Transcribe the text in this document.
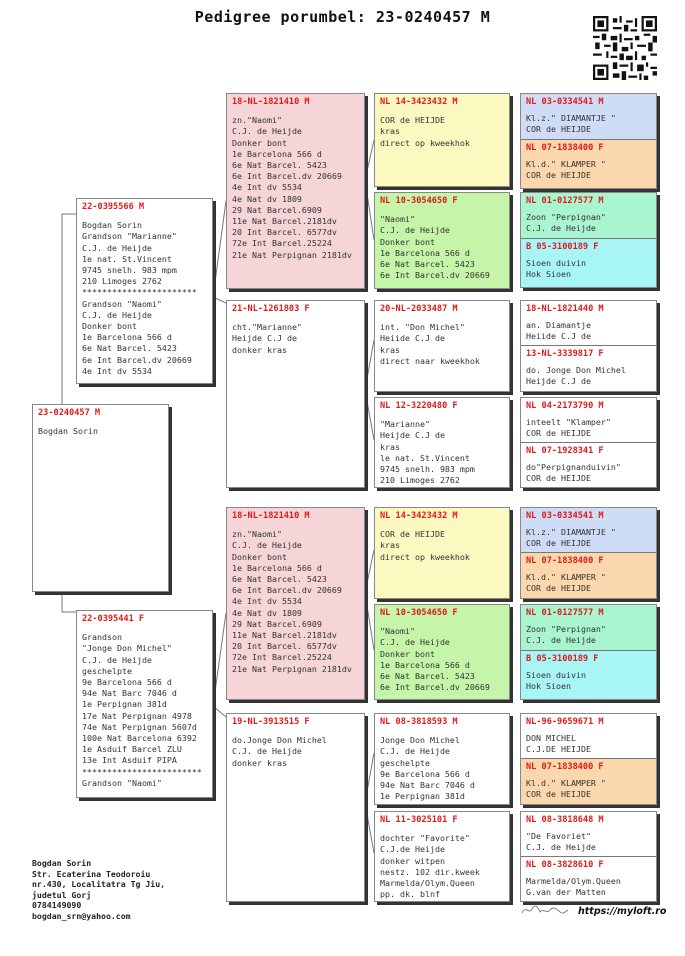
Pedigree porumbel: 23-0240457 M
23-0240457 M
Bogdan Sorin
22-0395566 M
Bogdan Sorin
Grandson "Marianne"
C.J. de Heijde
1e nat. St.Vincent
9745 snelh. 983 mpm
210 Limoges 2762
***********************
Grandson "Naomi"
C.J. de Heijde
Donker bont
1e Barcelona 566 d
6e Nat Barcel. 5423
6e Int Barcel.dv 20669
4e Int dv 5534
22-0395441 F
Grandson
"Jonge Don Michel"
C.J. de Heijde
geschelpte
9e Barcelona 566 d
94e Nat Barc 7046 d
1e Perpignan 381d
17e Nat Perpignan 4978
74e Nat Perpignan 5607d
100e Nat Barcelona 6392
1e Asduif Barcel ZLU
13e Int Asduif PIPA
************************
Grandson "Naomi"
18-NL-1821410 M
zn."Naomi"
C.J. de Heijde
Donker bont
1e Barcelona 566 d
6e Nat Barcel. 5423
6e Int Barcel.dv 20669
4e Int dv 5534
4e Nat dv 1809
29 Nat Barcel.6909
11e Nat Barcel.2181dv
20 Int Barcel. 6577dv
72e Int Barcel.25224
21e Nat Perpignan 2181dv
21-NL-1261803 F
cht."Marianne"
Heijde C.J de
donker kras
18-NL-1821410 M
zn."Naomi"
C.J. de Heijde
Donker bont
1e Barcelona 566 d
6e Nat Barcel. 5423
6e Int Barcel.dv 20669
4e Int dv 5534
4e Nat dv 1809
29 Nat Barcel.6909
11e Nat Barcel.2181dv
20 Int Barcel. 6577dv
72e Int Barcel.25224
21e Nat Perpignan 2181dv
19-NL-3913515 F
do.Jonge Don Michel
C.J. de Heijde
donker kras
NL 14-3423432 M
COR de HEIJDE
kras
direct op kweekhok
NL 10-3054650 F
"Naomi"
C.J. de Heijde
Donker bont
1e Barcelona 566 d
6e Nat Barcel. 5423
6e Int Barcel.dv 20669
20-NL-2033487 M
int. "Don Michel"
Heiide C.J de
kras
direct naar kweekhok
NL 12-3220480 F
"Marianne"
Heijde C.J de
kras
le nat. St.Vincent
9745 snelh. 983 mpm
210 Limoges 2762
NL 14-3423432 M
COR de HEIJDE
kras
direct op kweekhok
NL 10-3054650 F
"Naomi"
C.J. de Heijde
Donker bont
1e Barcelona 566 d
6e Nat Barcel. 5423
6e Int Barcel.dv 20669
NL 08-3818593 M
Jonge Don Michel
C.J. de Heijde
geschelpte
9e Barcelona 566 d
94e Nat Barc 7046 d
1e Perpignan 381d
NL 11-3025101 F
dochter "Favorite"
C.J.de Heijde
donker witpen
nestz. 102 dir.kweek
Marmelda/Olym.Queen
pp. dk. blnf
NL 03-0334541 M
Kl.z." DIAMANTJE "
COR de HEIJDE
NL 07-1838400 F
Kl.d." KLAMPER "
COR de HEIJDE
NL 01-0127577 M
Zoon "Perpignan"
C.J. de Heijde
B 05-3100189 F
Sioen duivin
Hok Sioen
18-NL-1821440 M
an. Diamantje
Heiide C.J de
13-NL-3339817 F
do. Jonge Don Michel
Heijde C.J de
NL 04-2173790 M
inteelt "Klamper"
COR de HEIJDE
NL 07-1928341 F
do"Perpignanduivin"
COR de HEIJDE
NL 03-0334541 M
Kl.z." DIAMANTJE "
COR de HEIJDE
NL 07-1838400 F
Kl.d." KLAMPER "
COR de HEIJDE
NL 01-0127577 M
Zoon "Perpignan"
C.J. de Heijde
B 05-3100189 F
Sioen duivin
Hok Sioen
NL-96-9659671 M
DON MICHEL
C.J.DE HEIJDE
NL 07-1838400 F
Kl.d." KLAMPER "
COR de HEIJDE
NL 08-3818648 M
"De Favoriet"
C.J. de Heijde
NL 08-3828610 F
Marmelda/Olym.Queen
G.van der Matten
Bogdan Sorin
Str. Ecaterina Teodoroiu
nr.430, Localitatra Tg Jiu,
judetul Gorj
0784149090
bogdan_srn@yahoo.com	https://myloft.ro
